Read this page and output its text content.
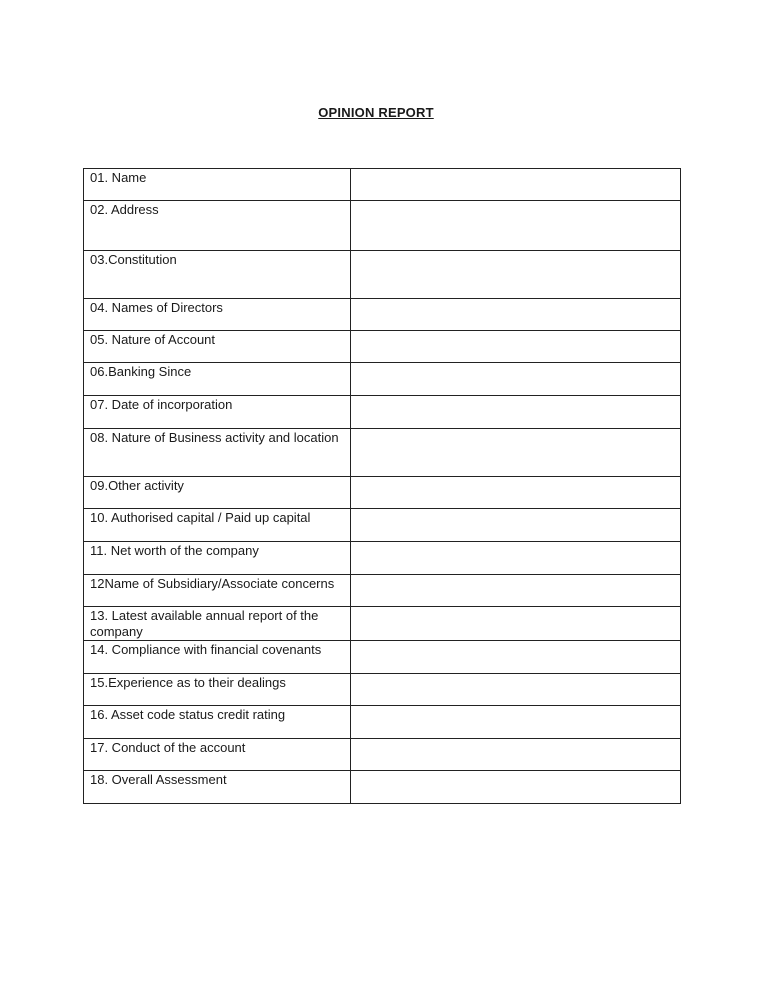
OPINION REPORT
01. Name	
02. Address	
03.Constitution	
04. Names of Directors	
05. Nature of Account	
06.Banking Since	
07. Date of incorporation	
08. Nature of Business activity and location	
09.Other activity	
10. Authorised capital / Paid up capital	
11. Net worth of the company	
12Name of Subsidiary/Associate concerns	
13. Latest available annual report of the company	
14. Compliance with financial covenants	
15.Experience as to their dealings	
16. Asset code status credit rating	
17. Conduct of the account	
18. Overall Assessment	
